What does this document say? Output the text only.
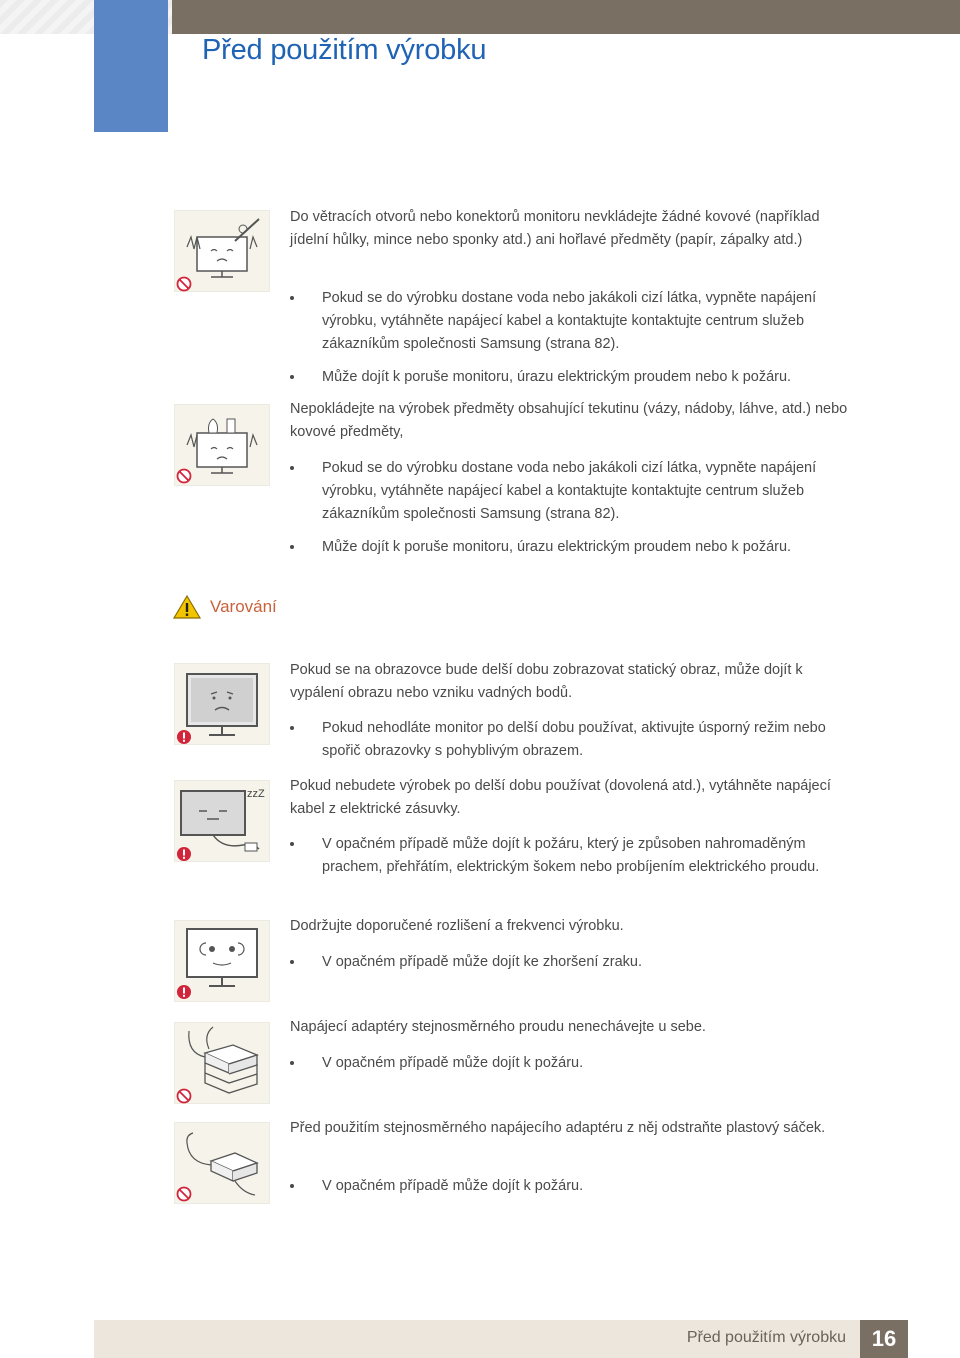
Před použitím výrobku

Do větracích otvorů nebo konektorů monitoru nevkládejte žádné kovové (například jídelní hůlky, mince nebo sponky atd.) ani hořlavé předměty (papír, zápalky atd.)

Pokud se do výrobku dostane voda nebo jakákoli cizí látka, vypněte napájení výrobku, vytáhněte napájecí kabel a kontaktujte kontaktujte centrum služeb zákazníkům společnosti Samsung (strana 82).
Může dojít k poruše monitoru, úrazu elektrickým proudem nebo k požáru.

Nepokládejte na výrobek předměty obsahující tekutinu (vázy, nádoby, láhve, atd.) nebo kovové předměty,

Pokud se do výrobku dostane voda nebo jakákoli cizí látka, vypněte napájení výrobku, vytáhněte napájecí kabel a kontaktujte kontaktujte centrum služeb zákazníkům společnosti Samsung (strana 82).
Může dojít k poruše monitoru, úrazu elektrickým proudem nebo k požáru.
Varování

Pokud se na obrazovce bude delší dobu zobrazovat statický obraz, může dojít k vypálení obrazu nebo vzniku vadných bodů.

Pokud nehodláte monitor po delší dobu používat, aktivujte úsporný režim nebo spořič obrazovky s pohyblivým obrazem.
zzZ Pokud nebudete výrobek po delší dobu používat (dovolená atd.), vytáhněte napájecí kabel z elektrické zásuvky.

V opačném případě může dojít k požáru, který je způsoben nahromaděným prachem, přehřátím, elektrickým šokem nebo probíjením elektrického proudu.

Dodržujte doporučené rozlišení a frekvenci výrobku.

V opačném případě může dojít ke zhoršení zraku.

Napájecí adaptéry stejnosměrného proudu nenechávejte u sebe.

V opačném případě může dojít k požáru.

Před použitím stejnosměrného napájecího adaptéru z něj odstraňte plastový sáček.

V opačném případě může dojít k požáru.
Před použitím výrobku	16
